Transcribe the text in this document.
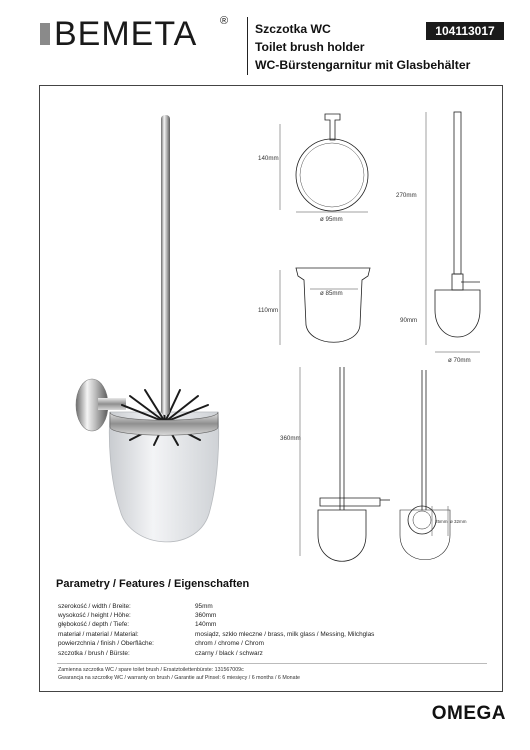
BEMETA ®
Szczotka WC
Toilet brush holder
WC-Bürstengarnitur mit Glasbehälter
104113017
140mm
ø 95mm
270mm
110mm
ø 85mm
90mm
ø 70mm
360mm
25mm ø 32mm
Parametry / Features / Eigenschaften
szerokość / width / Breite:	95mm
wysokość / height / Höhe:	360mm
głębokość / depth / Tiefe:	140mm
materiał / material / Material:	mosiądz, szkło mleczne / brass, milk glass / Messing, Milchglas
powierzchnia / finish / Oberfläche:	chrom / chrome / Chrom
szczotka / brush / Bürste:	czarny / black / schwarz
Zamienna szczotka WC / spare toilet brush / Ersatztoilettenbürste: 131567009c
Gwarancja na szczotkę WC / warranty on brush / Garantie auf Pinsel: 6 miesięcy / 6 months / 6 Monate
OMEGA
